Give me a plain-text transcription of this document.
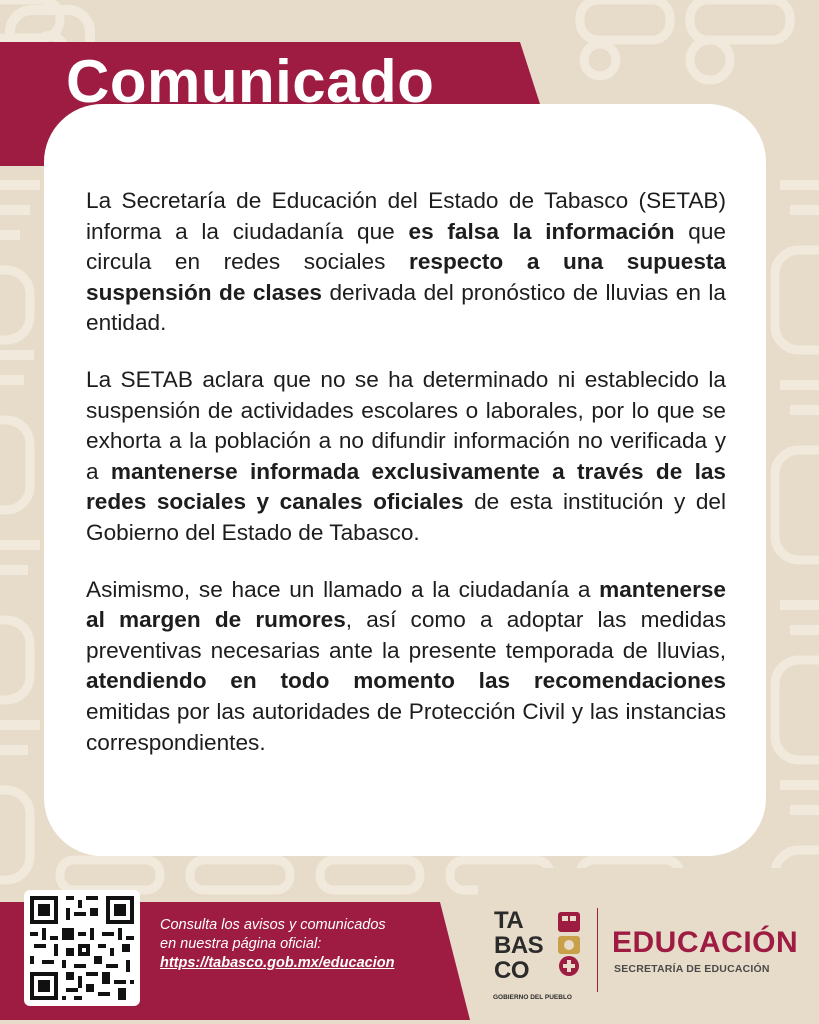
Comunicado
Lunes 12 de enero de 2026.

La Secretaría de Educación del Estado de Tabasco (SETAB) informa a la ciudadanía que es falsa la información que circula en redes sociales respecto a una supuesta suspensión de clases derivada del pronóstico de lluvias en la entidad.

La SETAB aclara que no se ha determinado ni establecido la suspensión de actividades escolares o laborales, por lo que se exhorta a la población a no difundir información no verificada y a mantenerse informada exclusivamente a través de las redes sociales y canales oficiales de esta institución y del Gobierno del Estado de Tabasco.

Asimismo, se hace un llamado a la ciudadanía a mantenerse al margen de rumores, así como a adoptar las medidas preventivas necesarias ante la presente temporada de lluvias, atendiendo en todo momento las recomendaciones emitidas por las autoridades de Protección Civil y las instancias correspondientes.

Consulta los avisos y comunicados
en nuestra página oficial:
https://tabasco.gob.mx/educacion
TA
BAS
CO
GOBIERNO DEL PUEBLO
EDUCACIÓN
SECRETARÍA DE EDUCACIÓN
